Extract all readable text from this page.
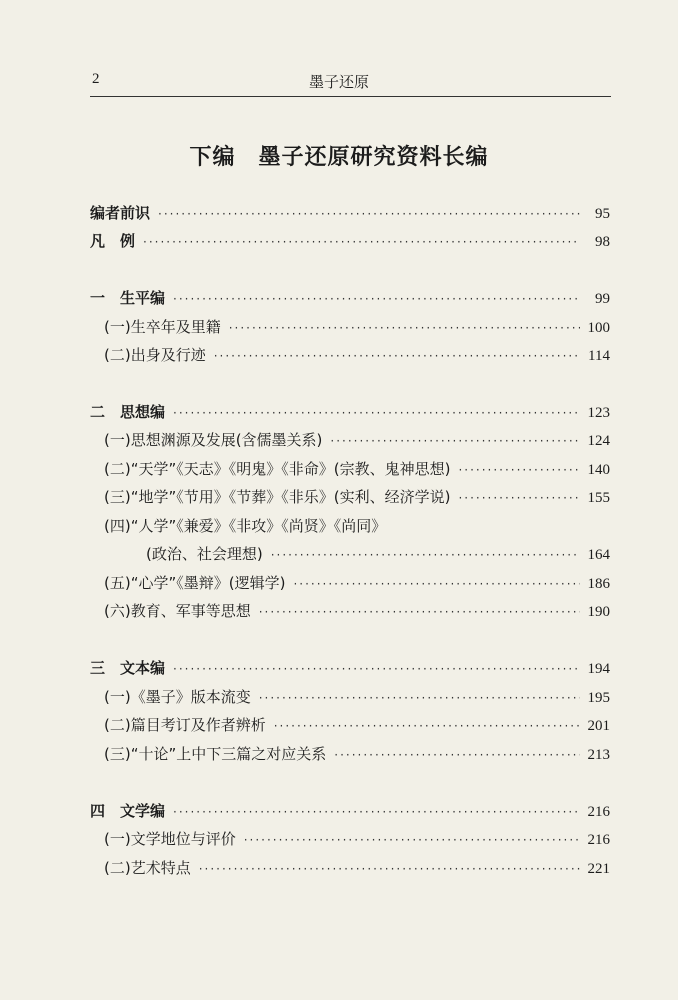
2	墨子还原
下编　墨子还原研究资料长编
编者前识 ·····	95
凡　例 ·····	98
一　生平编 ·····	99
(一)生卒年及里籍 ·····	100
(二)出身及行迹 ·····	114
二　思想编 ·····	123
(一)思想渊源及发展(含儒墨关系) ·····	124
(二)“天学”《天志》《明鬼》《非命》(宗教、鬼神思想) ·····	140
(三)“地学”《节用》《节葬》《非乐》(实利、经济学说) ·····	155
(四)“人学”《兼爱》《非攻》《尚贤》《尚同》
(政治、社会理想) ·····	164
(五)“心学”《墨辩》(逻辑学) ·····	186
(六)教育、军事等思想 ·····	190
三　文本编 ·····	194
(一)《墨子》版本流变 ·····	195
(二)篇目考订及作者辨析 ·····	201
(三)“十论”上中下三篇之对应关系 ·····	213
四　文学编 ·····	216
(一)文学地位与评价 ·····	216
(二)艺术特点 ·····	221
